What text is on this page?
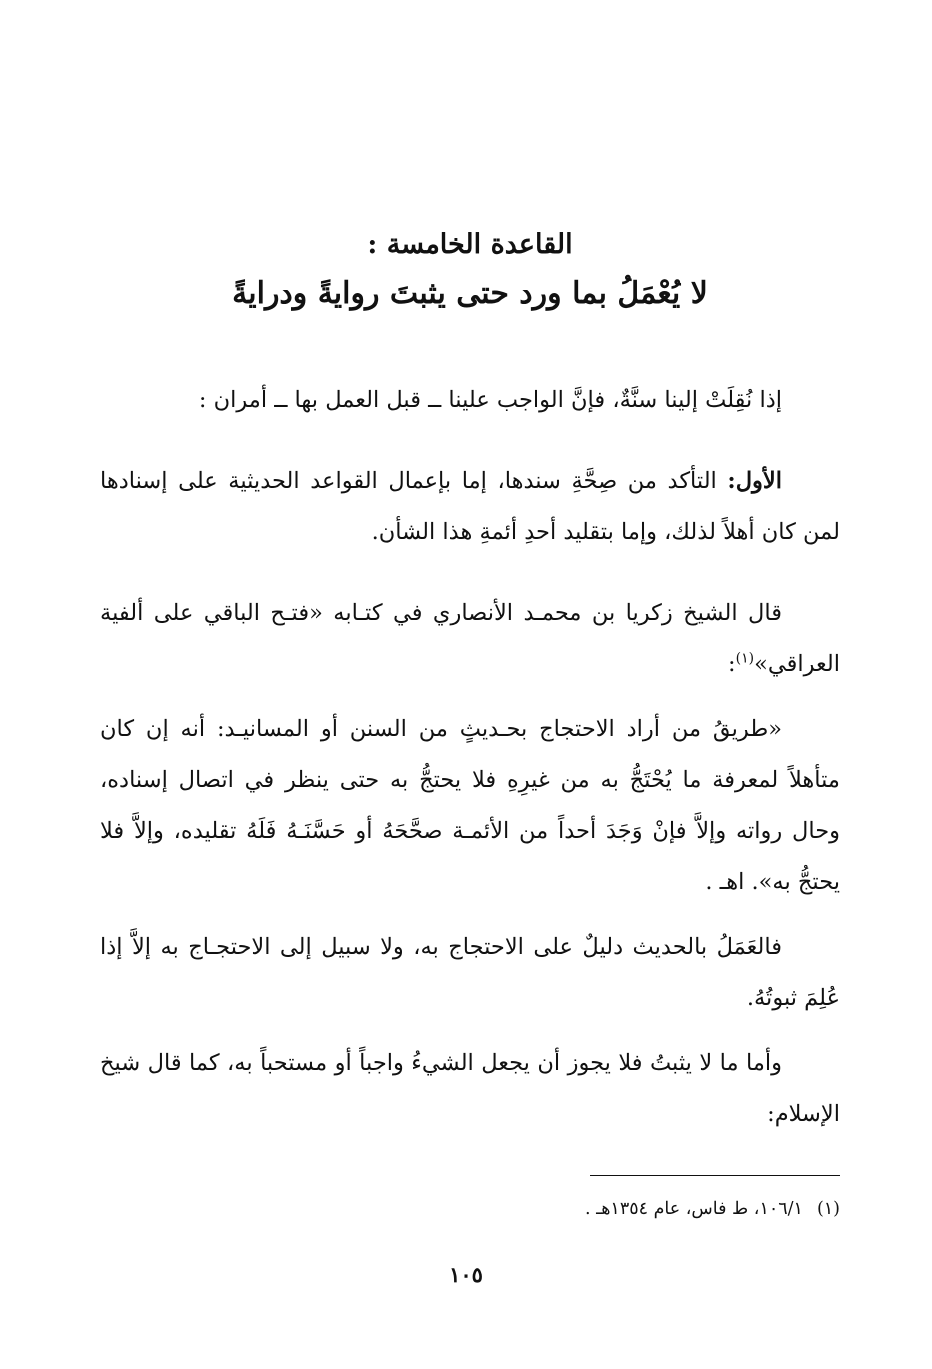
القاعدة الخامسة :
لا يُعْمَلُ بما ورد حتى يثبتَ روايةً ودرايةً

إذا نُقِلَتْ إلينا سنَّةٌ، فإنَّ الواجب علينا ــ قبل العمل بها ــ أمران :

الأول: التأكد من صِحَّةِ سندها، إما بإعمال القواعد الحديثية على إسنادها لمن كان أهلاً لذلك، وإما بتقليد أحدِ أئمةِ هذا الشأن.

قال الشيخ زكريا بن محمـد الأنصاري في كتـابه «فتـح الباقي على ألفية العراقي»$^{(١)}$:

«طريقُ من أراد الاحتجاج بحـديثٍ من السنن أو المسانيـد: أنه إن كان متأهلاً لمعرفة ما يُحْتَجُّ به من غيرِهِ فلا يحتجُّ به حتى ينظر في اتصال إسناده، وحال رواته وإلاَّ فإنْ وَجَدَ أحداً من الأئمـة صحَّحَهُ أو حَسَّنَـهُ فَلَهُ تقليده، وإلاَّ فلا يحتجُّ به». اهـ .

فالعَمَلُ بالحديث دليلٌ على الاحتجاج به، ولا سبيل إلى الاحتجـاج به إلاَّ إذا عُلِمَ ثبوتُهُ.

وأما ما لا يثبتُ فلا يجوز أن يجعل الشيءُ واجباً أو مستحباً به، كما قال شيخ الإسلام:

(١)١٠٦/١، ط فاس، عام ١٣٥٤هـ .
١٠٥
